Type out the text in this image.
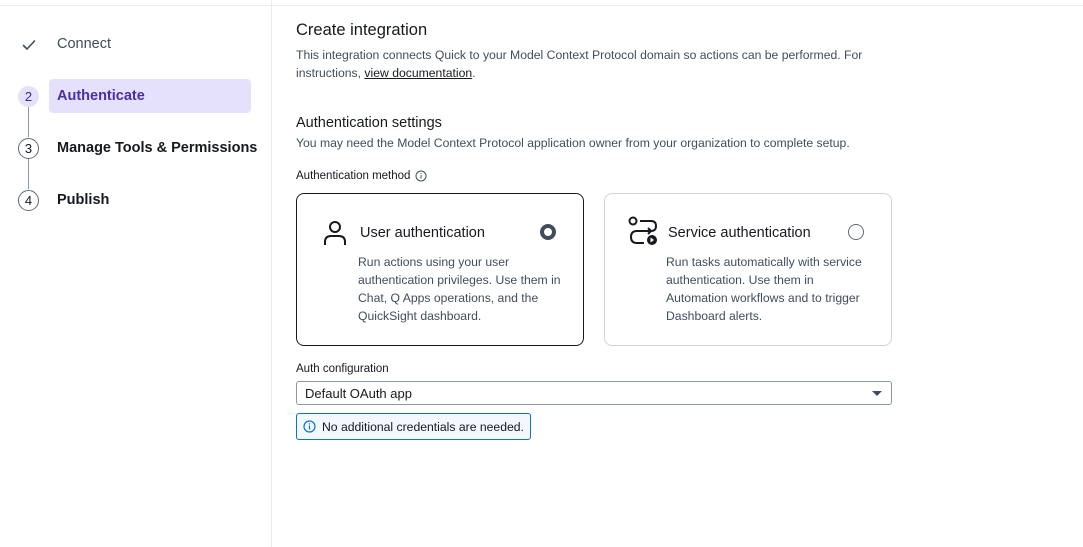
Connect
2	Authenticate
3	Manage Tools & Permissions
4	Publish
Create integration

This integration connects Quick to your Model Context Protocol domain so actions can be performed. For instructions, view documentation.

Authentication settings

You may need the Model Context Protocol application owner from your organization to complete setup.

Authentication method
User authentication

Run actions using your user authentication privileges. Use them in Chat, Q Apps operations, and the QuickSight dashboard.

Service authentication

Run tasks automatically with service authentication. Use them in Automation workflows and to trigger Dashboard alerts.

Auth configuration
Default OAuth app
No additional credentials are needed.
